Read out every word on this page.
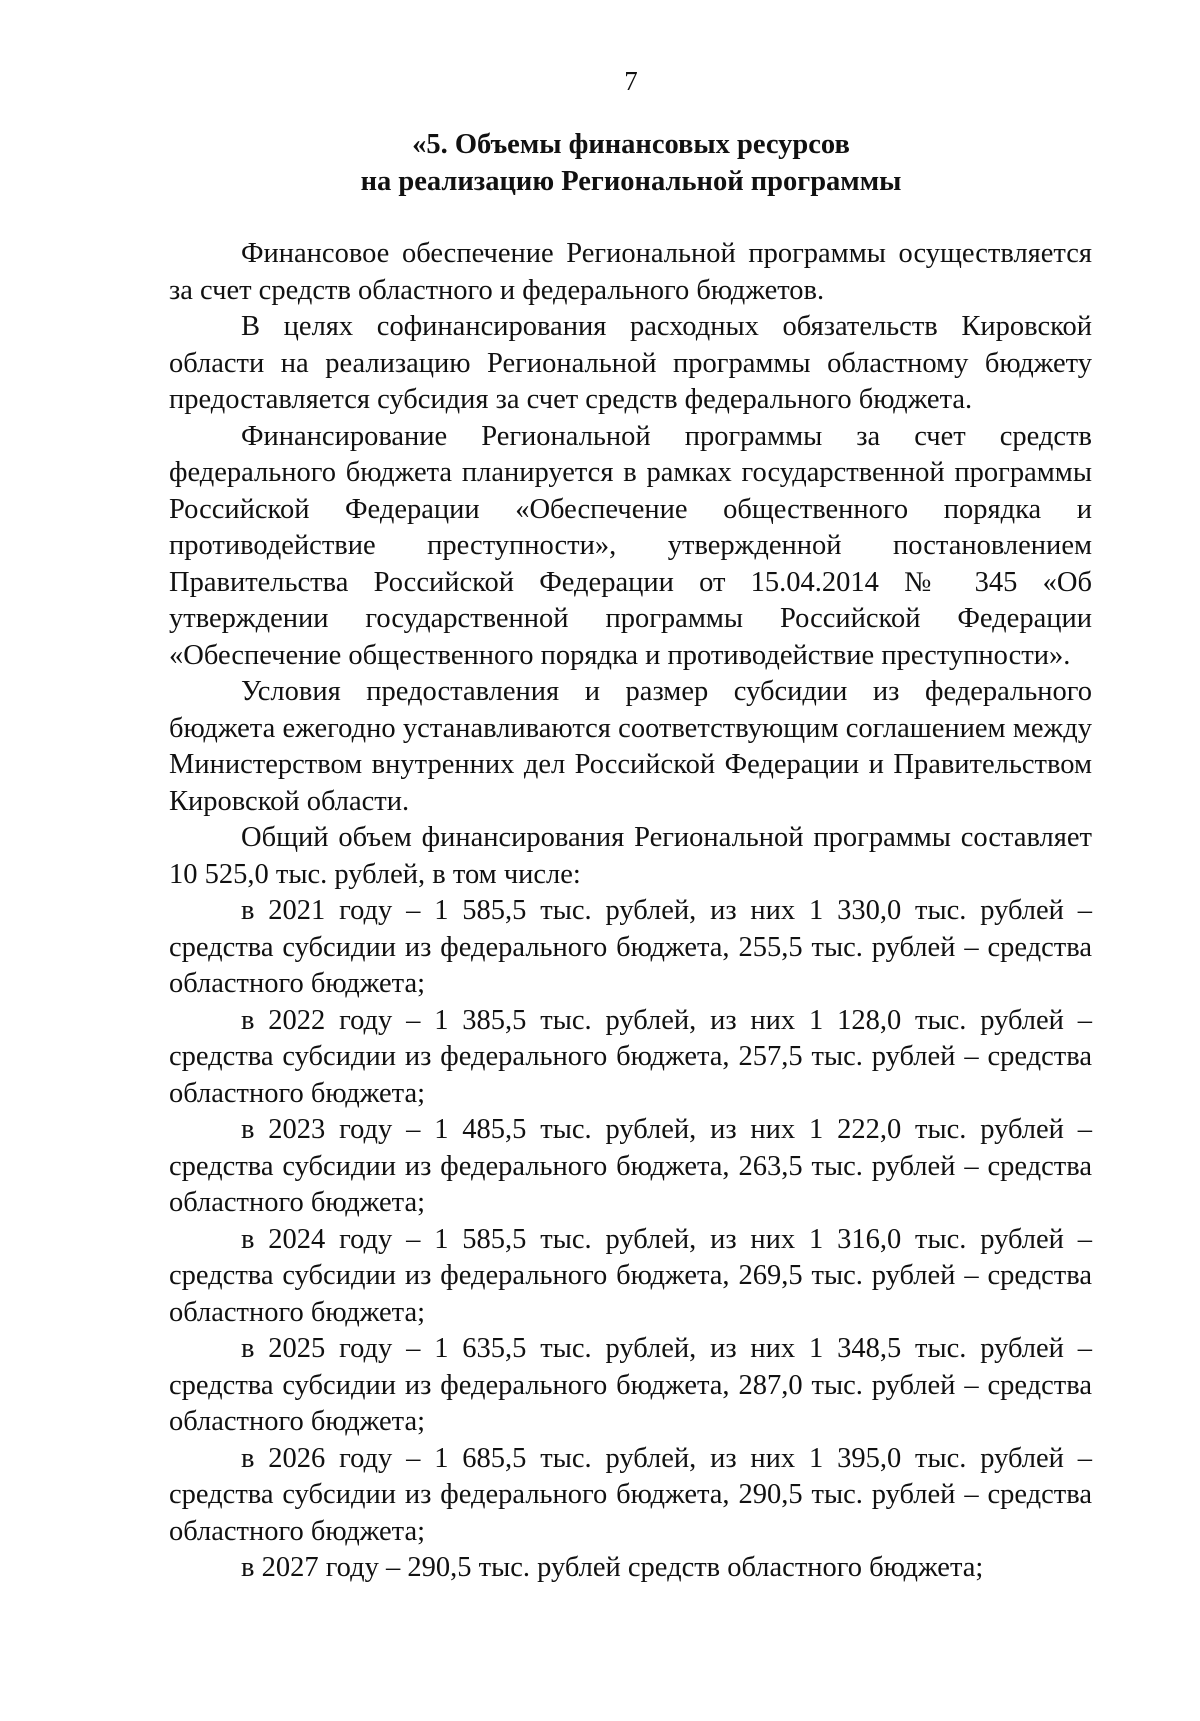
7
«5. Объемы финансовых ресурсов
на реализацию Региональной программы

Финансовое обеспечение Региональной программы осуществляется за счет средств областного и федерального бюджетов.

В целях софинансирования расходных обязательств Кировской области на реализацию Региональной программы областному бюджету предоставляется субсидия за счет средств федерального бюджета.

Финансирование Региональной программы за счет средств федерального бюджета планируется в рамках государственной программы Российской Федерации «Обеспечение общественного порядка и противодействие преступности», утвержденной постановлением Правительства Российской Федерации от 15.04.2014 № 345 «Об утверждении государственной программы Российской Федерации «Обеспечение общественного порядка и противодействие преступности».

Условия предоставления и размер субсидии из федерального бюджета ежегодно устанавливаются соответствующим соглашением между Министерством внутренних дел Российской Федерации и Правительством Кировской области.

Общий объем финансирования Региональной программы составляет 10 525,0 тыс. рублей, в том числе:

в 2021 году – 1 585,5 тыс. рублей, из них 1 330,0 тыс. рублей – средства субсидии из федерального бюджета, 255,5 тыс. рублей – средства областного бюджета;

в 2022 году – 1 385,5 тыс. рублей, из них 1 128,0 тыс. рублей – средства субсидии из федерального бюджета, 257,5 тыс. рублей – средства областного бюджета;

в 2023 году – 1 485,5 тыс. рублей, из них 1 222,0 тыс. рублей – средства субсидии из федерального бюджета, 263,5 тыс. рублей – средства областного бюджета;

в 2024 году – 1 585,5 тыс. рублей, из них 1 316,0 тыс. рублей – средства субсидии из федерального бюджета, 269,5 тыс. рублей – средства областного бюджета;

в 2025 году – 1 635,5 тыс. рублей, из них 1 348,5 тыс. рублей – средства субсидии из федерального бюджета, 287,0 тыс. рублей – средства областного бюджета;

в 2026 году – 1 685,5 тыс. рублей, из них 1 395,0 тыс. рублей – средства субсидии из федерального бюджета, 290,5 тыс. рублей – средства областного бюджета;

в 2027 году – 290,5 тыс. рублей средств областного бюджета;
